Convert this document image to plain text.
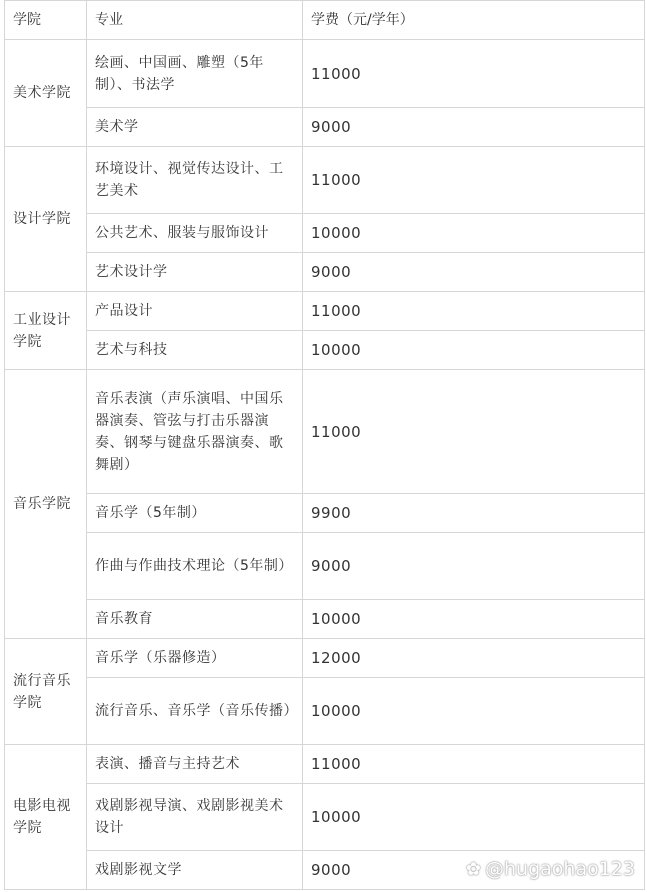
学院	专业	学费（元/学年）
美术学院	绘画、中国画、雕塑（5年制）、书法学	11000
	美术学	9000
设计学院	环境设计、视觉传达设计、工艺美术	11000
	公共艺术、服装与服饰设计	10000
	艺术设计学	9000
工业设计学院	产品设计	11000
	艺术与科技	10000
音乐学院	音乐表演（声乐演唱、中国乐器演奏、管弦与打击乐器演奏、钢琴与键盘乐器演奏、歌舞剧）	11000
	音乐学（5年制）	9900
	作曲与作曲技术理论（5年制）	9000
	音乐教育	10000
流行音乐学院	音乐学（乐器修造）	12000
	流行音乐、音乐学（音乐传播）	10000
电影电视学院	表演、播音与主持艺术	11000
	戏剧影视导演、戏剧影视美术设计	10000
	戏剧影视文学	9000	✿ @hugaohao123
